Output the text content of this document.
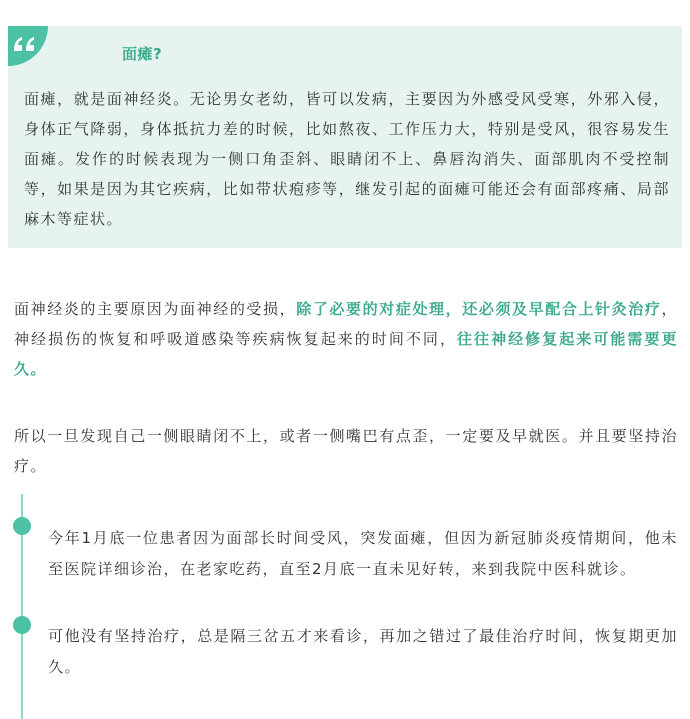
面瘫?
面瘫，就是面神经炎。无论男女老幼，皆可以发病，主要因为外感受风受寒，外邪入侵，身体正气降弱，身体抵抗力差的时候，比如熬夜、工作压力大，特别是受风，很容易发生面瘫。发作的时候表现为一侧口角歪斜、眼睛闭不上、鼻唇沟消失、面部肌肉不受控制等，如果是因为其它疾病，比如带状疱疹等，继发引起的面瘫可能还会有面部疼痛、局部麻木等症状。
面神经炎的主要原因为面神经的受损，除了必要的对症处理，还必须及早配合上针灸治疗，神经损伤的恢复和呼吸道感染等疾病恢复起来的时间不同，往往神经修复起来可能需要更久。
所以一旦发现自己一侧眼睛闭不上，或者一侧嘴巴有点歪，一定要及早就医。并且要坚持治疗。
今年1月底一位患者因为面部长时间受风，突发面瘫，但因为新冠肺炎疫情期间，他未至医院详细诊治，在老家吃药，直至2月底一直未见好转，来到我院中医科就诊。
可他没有坚持治疗，总是隔三岔五才来看诊，再加之错过了最佳治疗时间，恢复期更加久。
